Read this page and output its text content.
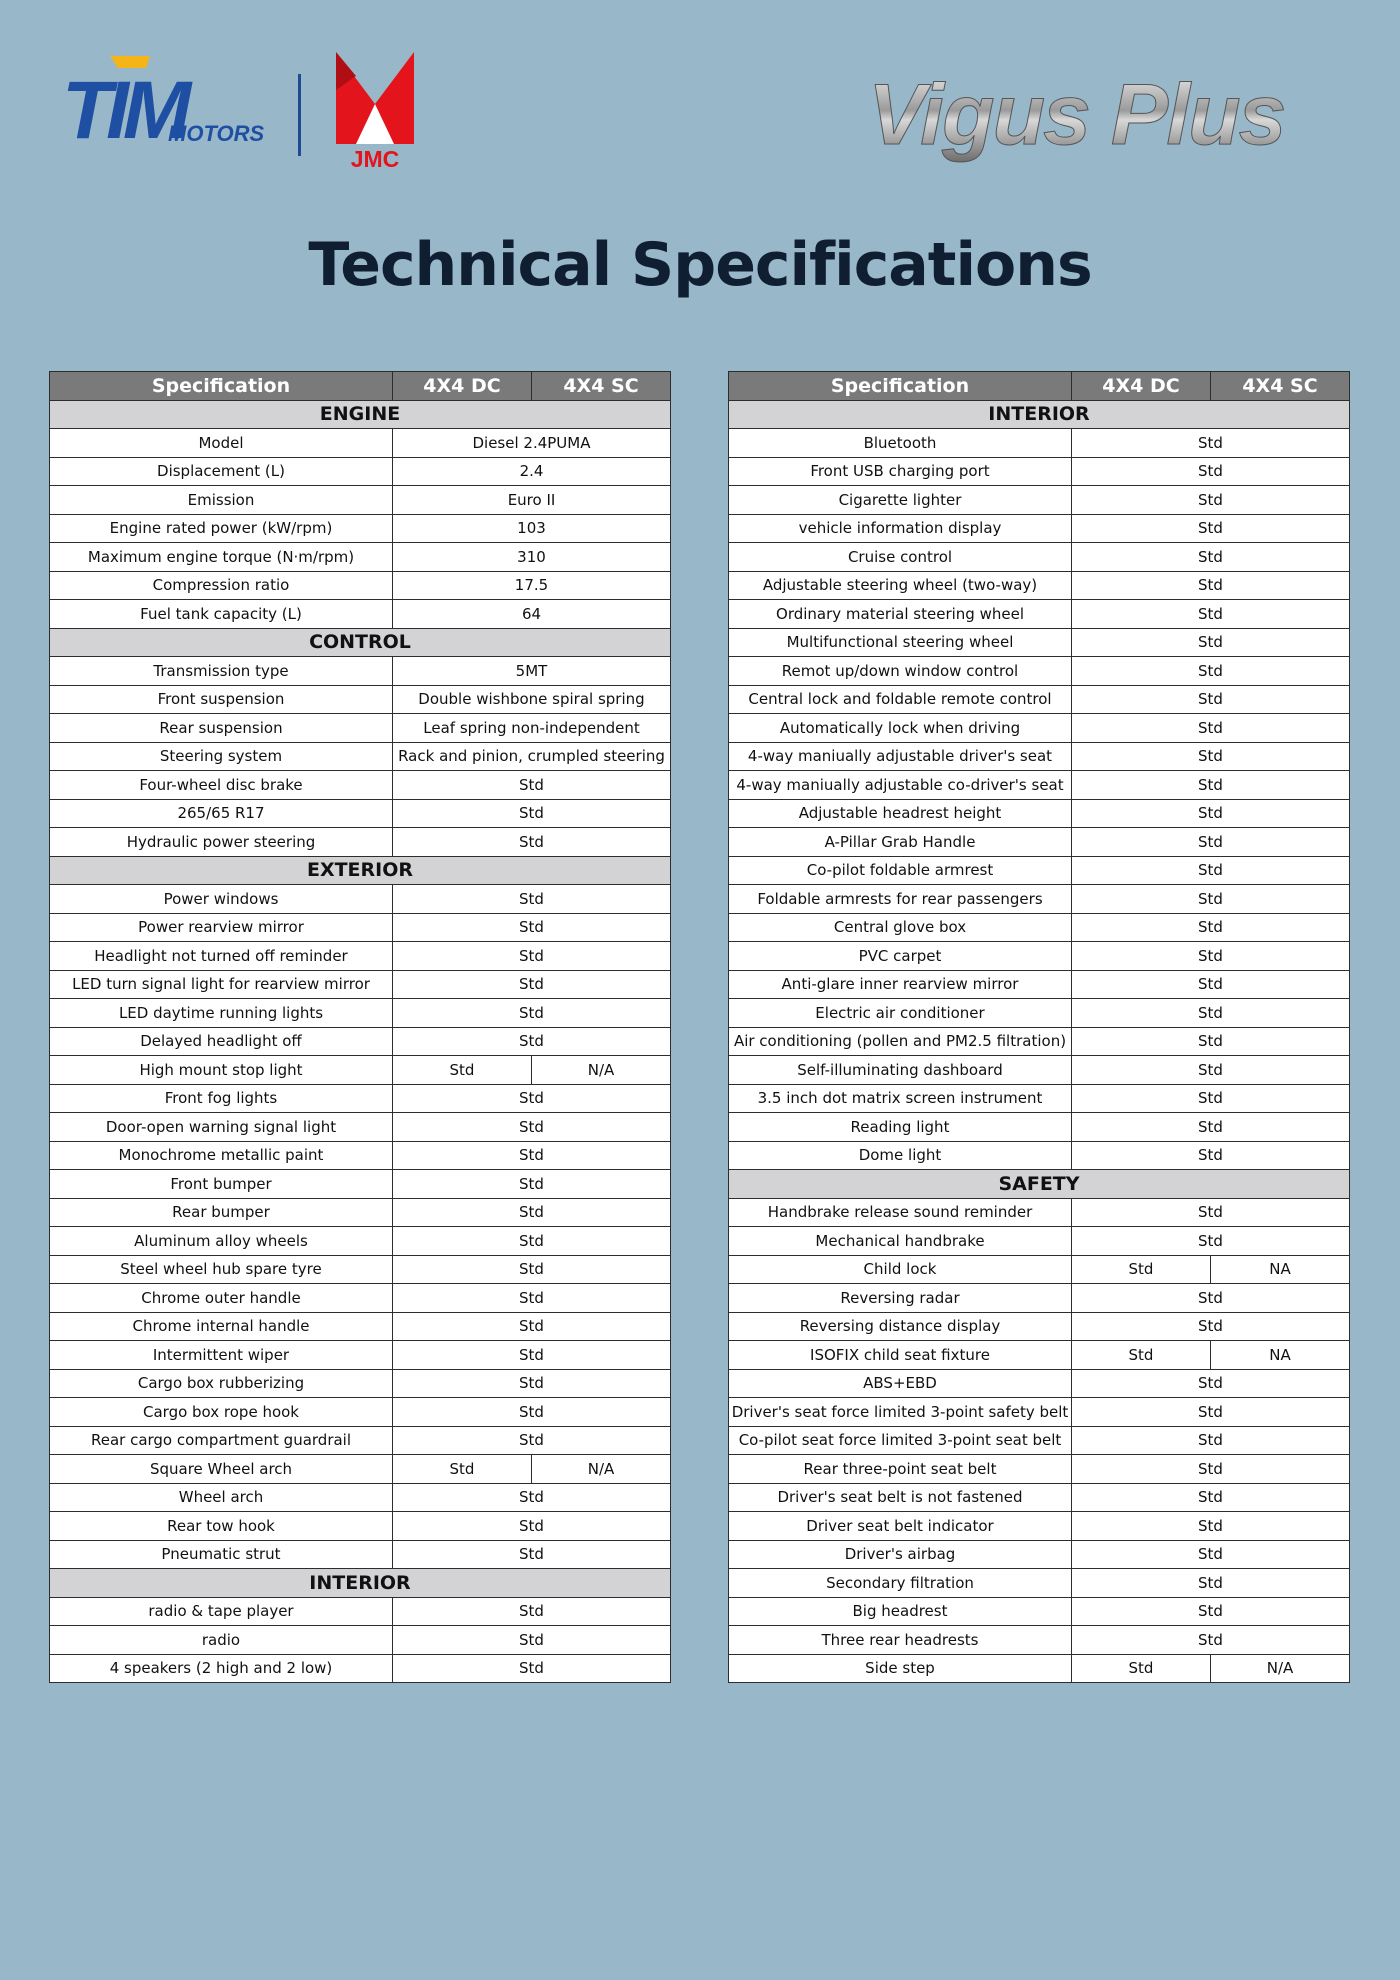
TIM
MOTORS
JMC	Vigus Plus
Technical Specifications
Specification	4X4 DC	4X4 SC
ENGINE		
Model	Diesel 2.4PUMA	
Displacement (L)	2.4	
Emission	Euro II	
Engine rated power (kW/rpm)	103	
Maximum engine torque (N·m/rpm)	310	
Compression ratio	17.5	
Fuel tank capacity (L)	64	
CONTROL		
Transmission type	5MT	
Front suspension	Double wishbone spiral spring	
Rear suspension	Leaf spring non-independent	
Steering system	Rack and pinion, crumpled steering	
Four-wheel disc brake	Std	
265/65 R17	Std	
Hydraulic power steering	Std	
EXTERIOR		
Power windows	Std	
Power rearview mirror	Std	
Headlight not turned off reminder	Std	
LED turn signal light for rearview mirror	Std	
LED daytime running lights	Std	
Delayed headlight off	Std	
High mount stop light	Std	N/A
Front fog lights	Std	
Door-open warning signal light	Std	
Monochrome metallic paint	Std	
Front bumper	Std	
Rear bumper	Std	
Aluminum alloy wheels	Std	
Steel wheel hub spare tyre	Std	
Chrome outer handle	Std	
Chrome internal handle	Std	
Intermittent wiper	Std	
Cargo box rubberizing	Std	
Cargo box rope hook	Std	
Rear cargo compartment guardrail	Std	
Square Wheel arch	Std	N/A
Wheel arch	Std	
Rear tow hook	Std	
Pneumatic strut	Std	
INTERIOR		
radio & tape player	Std	
radio	Std	
4 speakers (2 high and 2 low)	Std	
Specification	4X4 DC	4X4 SC
INTERIOR		
Bluetooth	Std	
Front USB charging port	Std	
Cigarette lighter	Std	
vehicle information display	Std	
Cruise control	Std	
Adjustable steering wheel (two-way)	Std	
Ordinary material steering wheel	Std	
Multifunctional steering wheel	Std	
Remot up/down window control	Std	
Central lock and foldable remote control	Std	
Automatically lock when driving	Std	
4-way maniually adjustable driver's seat	Std	
4-way maniually adjustable co-driver's seat	Std	
Adjustable headrest height	Std	
A-Pillar Grab Handle	Std	
Co-pilot foldable armrest	Std	
Foldable armrests for rear passengers	Std	
Central glove box	Std	
PVC carpet	Std	
Anti-glare inner rearview mirror	Std	
Electric air conditioner	Std	
Air conditioning (pollen and PM2.5 filtration)	Std	
Self-illuminating dashboard	Std	
3.5 inch dot matrix screen instrument	Std	
Reading light	Std	
Dome light	Std	
SAFETY		
Handbrake release sound reminder	Std	
Mechanical handbrake	Std	
Child lock	Std	NA
Reversing radar	Std	
Reversing distance display	Std	
ISOFIX child seat fixture	Std	NA
ABS+EBD	Std	
Driver's seat force limited 3-point safety belt	Std	
Co-pilot seat force limited 3-point seat belt	Std	
Rear three-point seat belt	Std	
Driver's seat belt is not fastened	Std	
Driver seat belt indicator	Std	
Driver's airbag	Std	
Secondary filtration	Std	
Big headrest	Std	
Three rear headrests	Std	
Side step	Std	N/A
